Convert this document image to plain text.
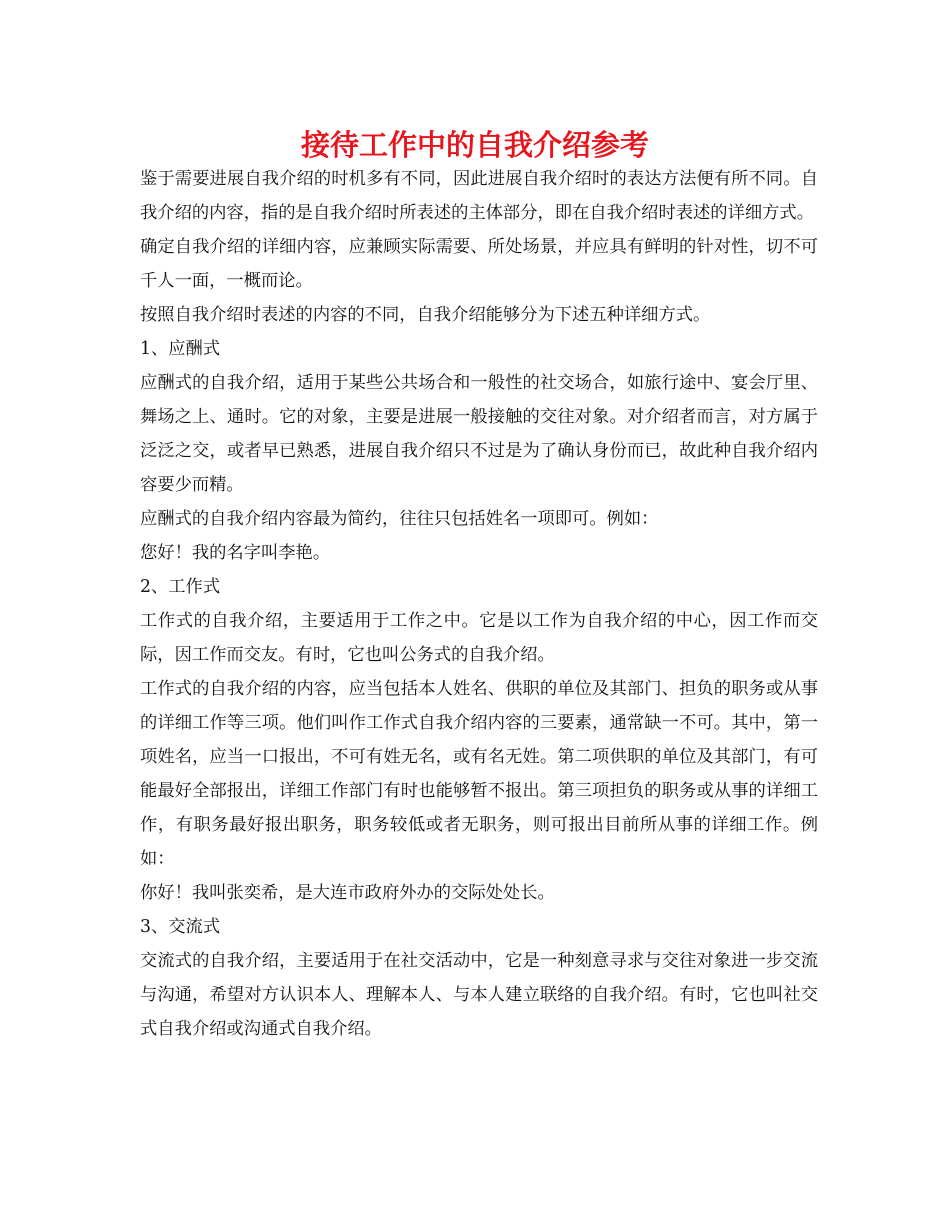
接待工作中的自我介绍参考

鉴于需要进展自我介绍的时机多有不同，因此进展自我介绍时的表达方法便有所不同。自我介绍的内容，指的是自我介绍时所表述的主体部分，即在自我介绍时表述的详细方式。

确定自我介绍的详细内容，应兼顾实际需要、所处场景，并应具有鲜明的针对性，切不可千人一面，一概而论。

按照自我介绍时表述的内容的不同，自我介绍能够分为下述五种详细方式。

1、应酬式

应酬式的自我介绍，适用于某些公共场合和一般性的社交场合，如旅行途中、宴会厅里、舞场之上、通时。它的对象，主要是进展一般接触的交往对象。对介绍者而言，对方属于泛泛之交，或者早已熟悉，进展自我介绍只不过是为了确认身份而已，故此种自我介绍内容要少而精。

应酬式的自我介绍内容最为简约，往往只包括姓名一项即可。例如：

您好！我的名字叫李艳。

2、工作式

工作式的自我介绍，主要适用于工作之中。它是以工作为自我介绍的中心，因工作而交际，因工作而交友。有时，它也叫公务式的自我介绍。

工作式的自我介绍的内容，应当包括本人姓名、供职的单位及其部门、担负的职务或从事的详细工作等三项。他们叫作工作式自我介绍内容的三要素，通常缺一不可。其中，第一项姓名，应当一口报出，不可有姓无名，或有名无姓。第二项供职的单位及其部门，有可能最好全部报出，详细工作部门有时也能够暂不报出。第三项担负的职务或从事的详细工作，有职务最好报出职务，职务较低或者无职务，则可报出目前所从事的详细工作。例如：

你好！我叫张奕希，是大连市政府外办的交际处处长。

3、交流式

交流式的自我介绍，主要适用于在社交活动中，它是一种刻意寻求与交往对象进一步交流与沟通，希望对方认识本人、理解本人、与本人建立联络的自我介绍。有时，它也叫社交式自我介绍或沟通式自我介绍。
